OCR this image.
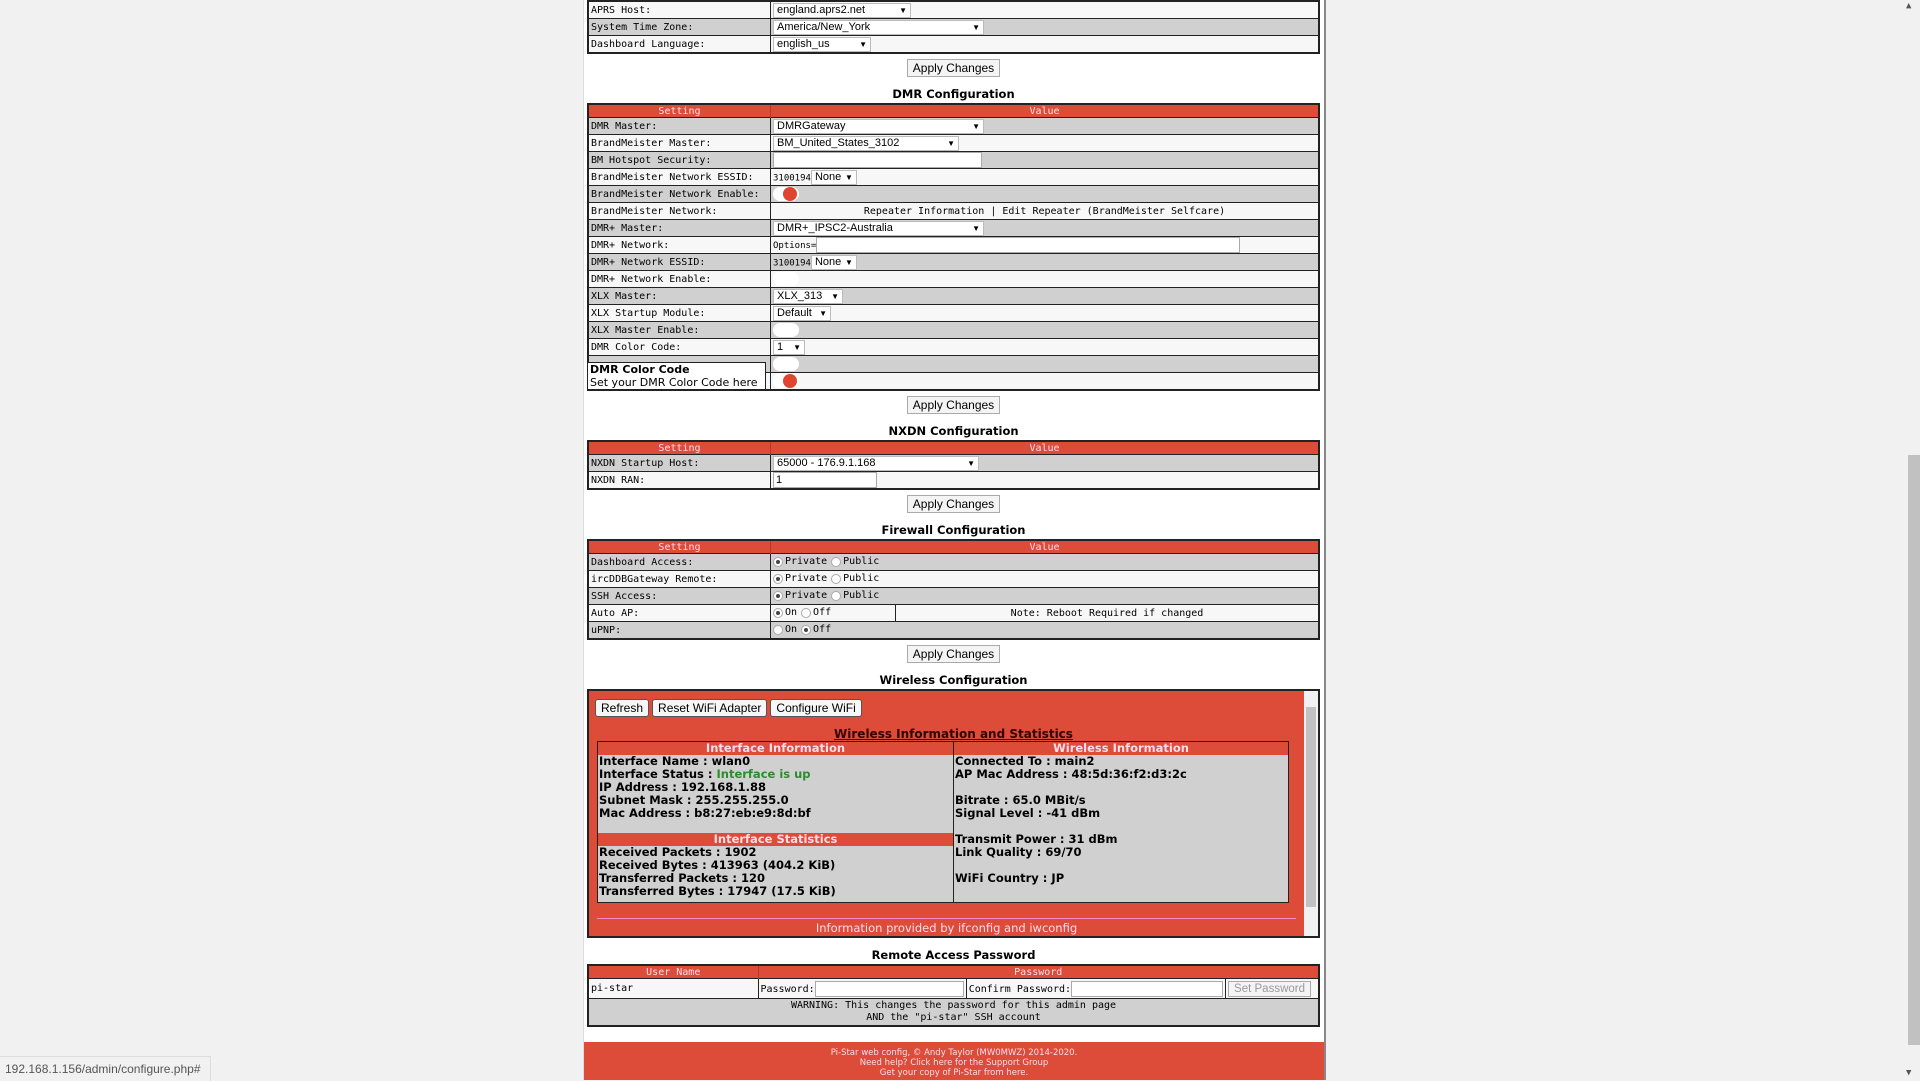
APRS Host:	england.aprs2.net ▼

System Time Zone:	America/New_York ▼

Dashboard Language:	english_us ▼
Apply Changes
DMR Configuration
Setting	Value
DMR Master:	DMRGateway ▼

BrandMeister Master:	BM_United_States_3102 ▼

BM Hotspot Security:	
BrandMeister Network ESSID:	3100194 None ▼

BrandMeister Network Enable:	

BrandMeister Network:	Repeater Information | Edit Repeater (BrandMeister Selfcare)
DMR+ Master:	DMR+_IPSC2-Australia ▼

DMR+ Network:	Options=
DMR+ Network ESSID:	3100194 None ▼

DMR+ Network Enable:	
XLX Master:	XLX_313 ▼

XLX Startup Module:	Default ▼

XLX Master Enable:	
DMR Color Code:	1 ▼

DMR Color Code
Set your DMR Color Code here
Apply Changes
NXDN Configuration
Setting	Value
NXDN Startup Host:	65000 - 176.9.1.168 ▼

NXDN RAN:	1
Apply Changes
Firewall Configuration
Setting	Value	
Dashboard Access:	Private Public	
ircDDBGateway Remote:	Private Public	
SSH Access:	Private Public	
Auto AP:	On Off	Note: Reboot Required if changed
uPNP:	On Off	
Apply Changes
Wireless Configuration
Refresh Reset WiFi Adapter Configure WiFi
Wireless Information and Statistics
Interface Information
Interface Name : wlan0
Interface Status : Interface is up
IP Address : 192.168.1.88
Subnet Mask : 255.255.255.0
Mac Address : b8:27:eb:e9:8d:bf
Interface Statistics
Received Packets : 1902
Received Bytes : 413963 (404.2 KiB)
Transferred Packets : 120
Transferred Bytes : 17947 (17.5 KiB)
Wireless Information
Connected To : main2
AP Mac Address : 48:5d:36:f2:d3:2c
Bitrate : 65.0 MBit/s
Signal Level : -41 dBm
Transmit Power : 31 dBm
Link Quality : 69/70
WiFi Country : JP
Information provided by ifconfig and iwconfig
Remote Access Password
User Name	Password		
pi-star	Password:	Confirm Password:	Set Password

WARNING: This changes the password for this admin page
AND the "pi-star" SSH account			
Pi-Star web config, © Andy Taylor (MW0MWZ) 2014-2020.
Need help? Click here for the Support Group
Get your copy of Pi-Star from here.
192.168.1.156/admin/configure.php#
▲
▼
